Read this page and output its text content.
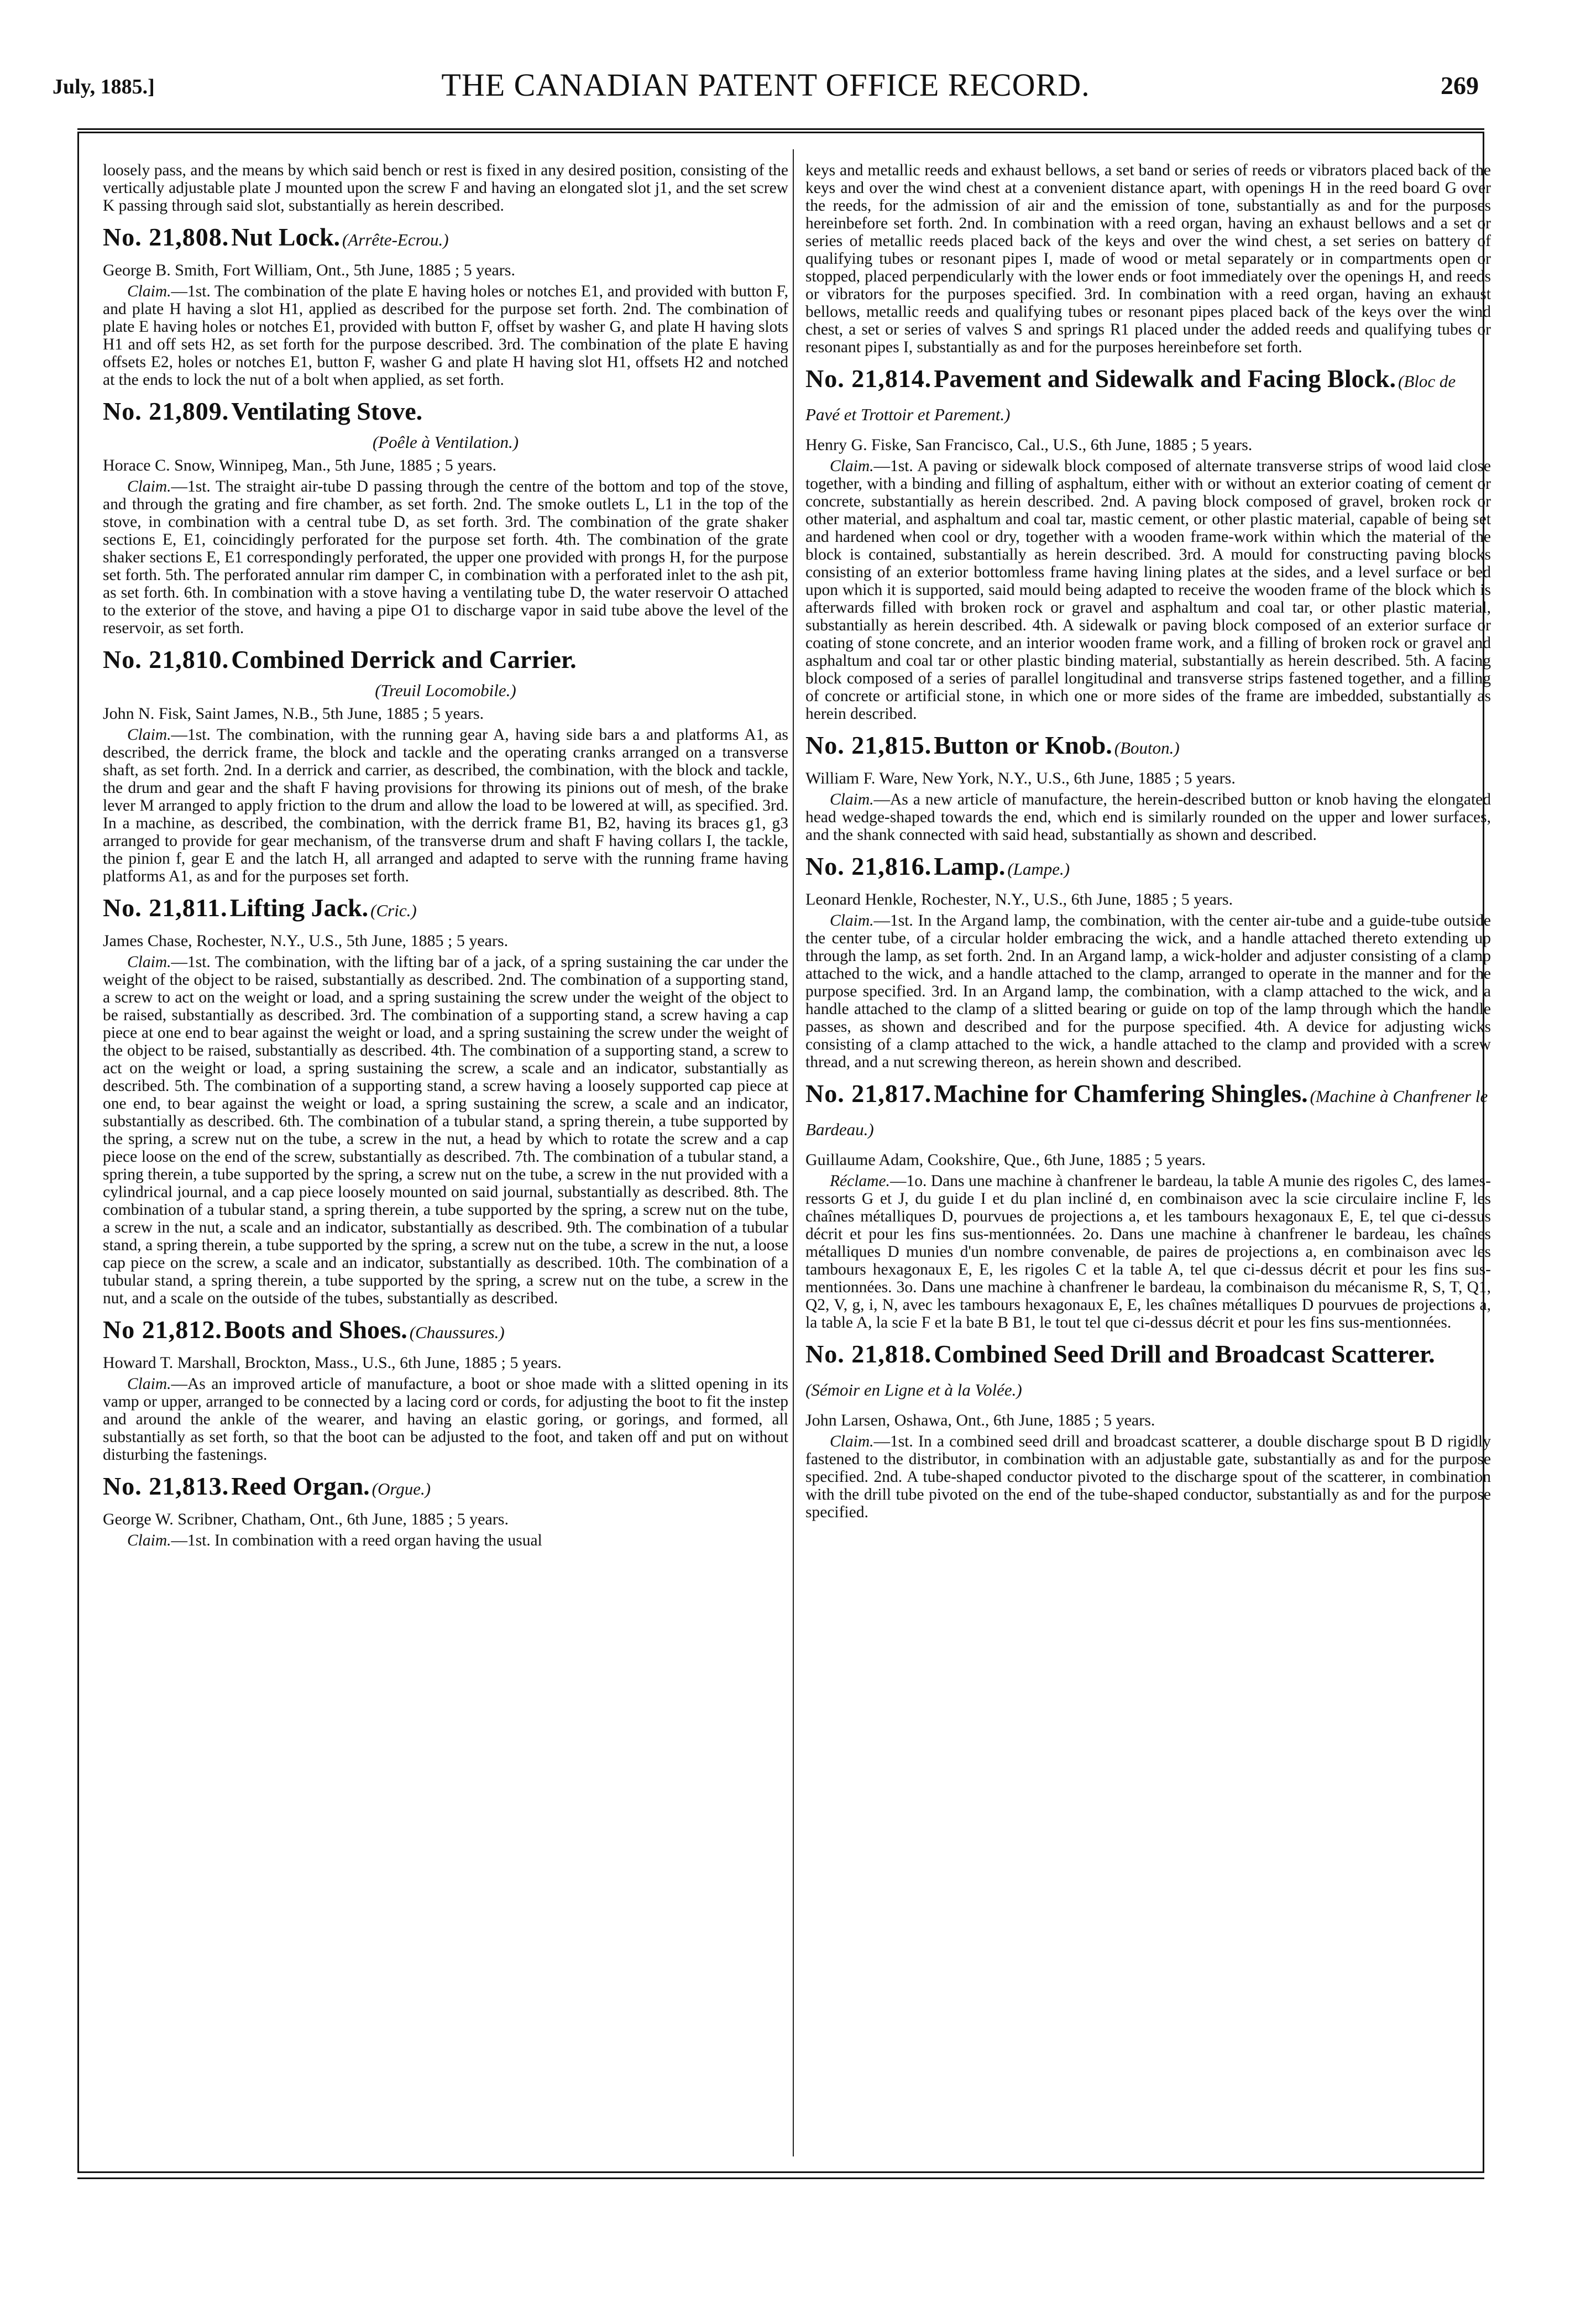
July, 1885.]	THE CANADIAN PATENT OFFICE RECORD.	269

loosely pass, and the means by which said bench or rest is fixed in any desired position, consisting of the vertically adjustable plate J mounted upon the screw F and having an elongated slot j1, and the set screw K passing through said slot, substantially as herein described.

No. 21,808. Nut Lock. (Arrête-Ecrou.)
George B. Smith, Fort William, Ont., 5th June, 1885 ; 5 years.

Claim.—1st. The combination of the plate E having holes or notches E1, and provided with button F, and plate H having a slot H1, applied as described for the purpose set forth. 2nd. The combination of plate E having holes or notches E1, provided with button F, offset by washer G, and plate H having slots H1 and off sets H2, as set forth for the purpose described. 3rd. The combination of the plate E having offsets E2, holes or notches E1, button F, washer G and plate H having slot H1, offsets H2 and notched at the ends to lock the nut of a bolt when applied, as set forth.

No. 21,809. Ventilating Stove.
(Poêle à Ventilation.)
Horace C. Snow, Winnipeg, Man., 5th June, 1885 ; 5 years.

Claim.—1st. The straight air-tube D passing through the centre of the bottom and top of the stove, and through the grating and fire chamber, as set forth. 2nd. The smoke outlets L, L1 in the top of the stove, in combination with a central tube D, as set forth. 3rd. The combination of the grate shaker sections E, E1, coincidingly perforated for the purpose set forth. 4th. The combination of the grate shaker sections E, E1 correspondingly perforated, the upper one provided with prongs H, for the purpose set forth. 5th. The perforated annular rim damper C, in combination with a perforated inlet to the ash pit, as set forth. 6th. In combination with a stove having a ventilating tube D, the water reservoir O attached to the exterior of the stove, and having a pipe O1 to discharge vapor in said tube above the level of the reservoir, as set forth.

No. 21,810. Combined Derrick and Carrier.
(Treuil Locomobile.)
John N. Fisk, Saint James, N.B., 5th June, 1885 ; 5 years.

Claim.—1st. The combination, with the running gear A, having side bars a and platforms A1, as described, the derrick frame, the block and tackle and the operating cranks arranged on a transverse shaft, as set forth. 2nd. In a derrick and carrier, as described, the combination, with the block and tackle, the drum and gear and the shaft F having provisions for throwing its pinions out of mesh, of the brake lever M arranged to apply friction to the drum and allow the load to be lowered at will, as specified. 3rd. In a machine, as described, the combination, with the derrick frame B1, B2, having its braces g1, g3 arranged to provide for gear mechanism, of the transverse drum and shaft F having collars I, the tackle, the pinion f, gear E and the latch H, all arranged and adapted to serve with the running frame having platforms A1, as and for the purposes set forth.

No. 21,811. Lifting Jack. (Cric.)
James Chase, Rochester, N.Y., U.S., 5th June, 1885 ; 5 years.

Claim.—1st. The combination, with the lifting bar of a jack, of a spring sustaining the car under the weight of the object to be raised, substantially as described. 2nd. The combination of a supporting stand, a screw to act on the weight or load, and a spring sustaining the screw under the weight of the object to be raised, substantially as described. 3rd. The combination of a supporting stand, a screw having a cap piece at one end to bear against the weight or load, and a spring sustaining the screw under the weight of the object to be raised, substantially as described. 4th. The combination of a supporting stand, a screw to act on the weight or load, a spring sustaining the screw, a scale and an indicator, substantially as described. 5th. The combination of a supporting stand, a screw having a loosely supported cap piece at one end, to bear against the weight or load, a spring sustaining the screw, a scale and an indicator, substantially as described. 6th. The combination of a tubular stand, a spring therein, a tube supported by the spring, a screw nut on the tube, a screw in the nut, a head by which to rotate the screw and a cap piece loose on the end of the screw, substantially as described. 7th. The combination of a tubular stand, a spring therein, a tube supported by the spring, a screw nut on the tube, a screw in the nut provided with a cylindrical journal, and a cap piece loosely mounted on said journal, substantially as described. 8th. The combination of a tubular stand, a spring therein, a tube supported by the spring, a screw nut on the tube, a screw in the nut, a scale and an indicator, substantially as described. 9th. The combination of a tubular stand, a spring therein, a tube supported by the spring, a screw nut on the tube, a screw in the nut, a loose cap piece on the screw, a scale and an indicator, substantially as described. 10th. The combination of a tubular stand, a spring therein, a tube supported by the spring, a screw nut on the tube, a screw in the nut, and a scale on the outside of the tubes, substantially as described.

No 21,812. Boots and Shoes. (Chaussures.)
Howard T. Marshall, Brockton, Mass., U.S., 6th June, 1885 ; 5 years.

Claim.—As an improved article of manufacture, a boot or shoe made with a slitted opening in its vamp or upper, arranged to be connected by a lacing cord or cords, for adjusting the boot to fit the instep and around the ankle of the wearer, and having an elastic goring, or gorings, and formed, all substantially as set forth, so that the boot can be adjusted to the foot, and taken off and put on without disturbing the fastenings.

No. 21,813. Reed Organ. (Orgue.)
George W. Scribner, Chatham, Ont., 6th June, 1885 ; 5 years.

Claim.—1st. In combination with a reed organ having the usual

keys and metallic reeds and exhaust bellows, a set band or series of reeds or vibrators placed back of the keys and over the wind chest at a convenient distance apart, with openings H in the reed board G over the reeds, for the admission of air and the emission of tone, substantially as and for the purposes hereinbefore set forth. 2nd. In combination with a reed organ, having an exhaust bellows and a set or series of metallic reeds placed back of the keys and over the wind chest, a set series on battery of qualifying tubes or resonant pipes I, made of wood or metal separately or in compartments open or stopped, placed perpendicularly with the lower ends or foot immediately over the openings H, and reeds or vibrators for the purposes specified. 3rd. In combination with a reed organ, having an exhaust bellows, metallic reeds and qualifying tubes or resonant pipes placed back of the keys over the wind chest, a set or series of valves S and springs R1 placed under the added reeds and qualifying tubes or resonant pipes I, substantially as and for the purposes hereinbefore set forth.

No. 21,814. Pavement and Sidewalk and Facing Block. (Bloc de Pavé et Trottoir et Parement.)
Henry G. Fiske, San Francisco, Cal., U.S., 6th June, 1885 ; 5 years.

Claim.—1st. A paving or sidewalk block composed of alternate transverse strips of wood laid close together, with a binding and filling of asphaltum, either with or without an exterior coating of cement or concrete, substantially as herein described. 2nd. A paving block composed of gravel, broken rock or other material, and asphaltum and coal tar, mastic cement, or other plastic material, capable of being set and hardened when cool or dry, together with a wooden frame-work within which the material of the block is contained, substantially as herein described. 3rd. A mould for constructing paving blocks consisting of an exterior bottomless frame having lining plates at the sides, and a level surface or bed upon which it is supported, said mould being adapted to receive the wooden frame of the block which is afterwards filled with broken rock or gravel and asphaltum and coal tar, or other plastic material, substantially as herein described. 4th. A sidewalk or paving block composed of an exterior surface or coating of stone concrete, and an interior wooden frame work, and a filling of broken rock or gravel and asphaltum and coal tar or other plastic binding material, substantially as herein described. 5th. A facing block composed of a series of parallel longitudinal and transverse strips fastened together, and a filling of concrete or artificial stone, in which one or more sides of the frame are imbedded, substantially as herein described.

No. 21,815. Button or Knob. (Bouton.)
William F. Ware, New York, N.Y., U.S., 6th June, 1885 ; 5 years.

Claim.—As a new article of manufacture, the herein-described button or knob having the elongated head wedge-shaped towards the end, which end is similarly rounded on the upper and lower surfaces, and the shank connected with said head, substantially as shown and described.

No. 21,816. Lamp. (Lampe.)
Leonard Henkle, Rochester, N.Y., U.S., 6th June, 1885 ; 5 years.

Claim.—1st. In the Argand lamp, the combination, with the center air-tube and a guide-tube outside the center tube, of a circular holder embracing the wick, and a handle attached thereto extending up through the lamp, as set forth. 2nd. In an Argand lamp, a wick-holder and adjuster consisting of a clamp attached to the wick, and a handle attached to the clamp, arranged to operate in the manner and for the purpose specified. 3rd. In an Argand lamp, the combination, with a clamp attached to the wick, and a handle attached to the clamp of a slitted bearing or guide on top of the lamp through which the handle passes, as shown and described and for the purpose specified. 4th. A device for adjusting wicks consisting of a clamp attached to the wick, a handle attached to the clamp and provided with a screw thread, and a nut screwing thereon, as herein shown and described.

No. 21,817. Machine for Chamfering Shingles. (Machine à Chanfrener le Bardeau.)
Guillaume Adam, Cookshire, Que., 6th June, 1885 ; 5 years.

Réclame.—1o. Dans une machine à chanfrener le bardeau, la table A munie des rigoles C, des lames-ressorts G et J, du guide I et du plan incliné d, en combinaison avec la scie circulaire incline F, les chaînes métalliques D, pourvues de projections a, et les tambours hexagonaux E, E, tel que ci-dessus décrit et pour les fins sus-mentionnées. 2o. Dans une machine à chanfrener le bardeau, les chaînes métalliques D munies d'un nombre convenable, de paires de projections a, en combinaison avec les tambours hexagonaux E, E, les rigoles C et la table A, tel que ci-dessus décrit et pour les fins sus-mentionnées. 3o. Dans une machine à chanfrener le bardeau, la combinaison du mécanisme R, S, T, Q1, Q2, V, g, i, N, avec les tambours hexagonaux E, E, les chaînes métalliques D pourvues de projections a, la table A, la scie F et la bate B B1, le tout tel que ci-dessus décrit et pour les fins sus-mentionnées.

No. 21,818. Combined Seed Drill and Broadcast Scatterer. (Sémoir en Ligne et à la Volée.)
John Larsen, Oshawa, Ont., 6th June, 1885 ; 5 years.

Claim.—1st. In a combined seed drill and broadcast scatterer, a double discharge spout B D rigidly fastened to the distributor, in combination with an adjustable gate, substantially as and for the purpose specified. 2nd. A tube-shaped conductor pivoted to the discharge spout of the scatterer, in combination with the drill tube pivoted on the end of the tube-shaped conductor, substantially as and for the purpose specified.
